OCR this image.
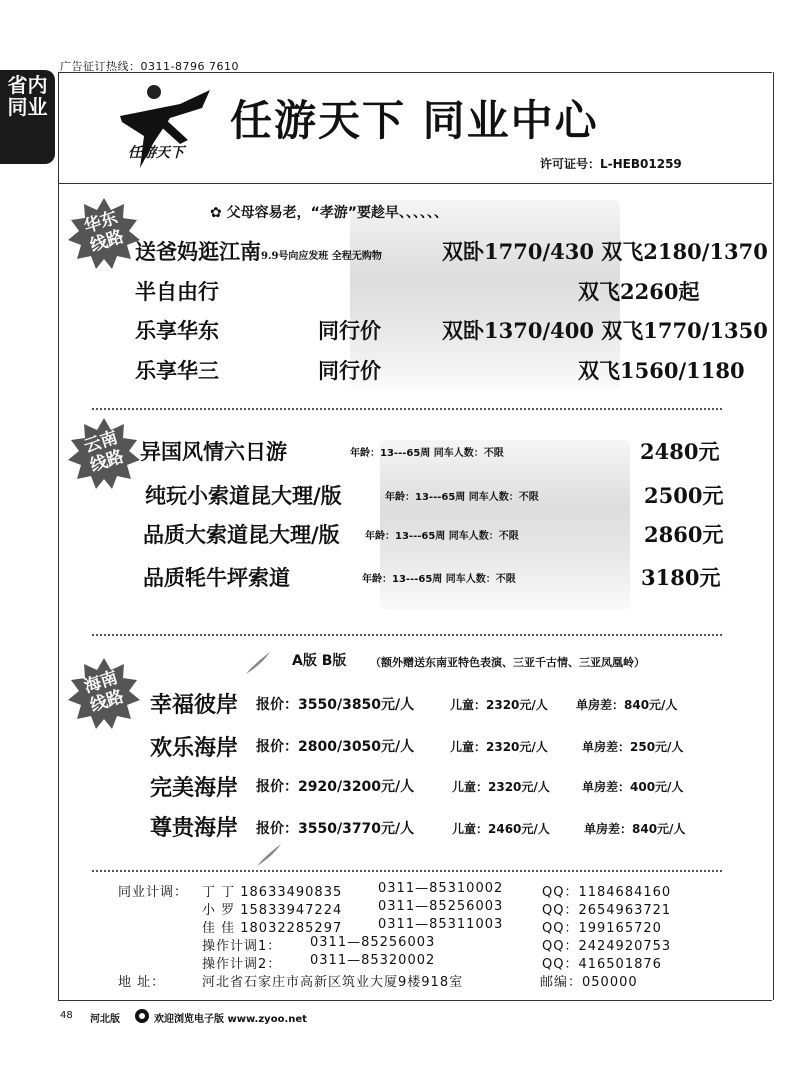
广告征订热线：0311-8796 7610
省内
同业
任游天下
任游天下 同业中心
许可证号：L-HEB01259
华东
线路
✿ 父母容易老，“孝游”要趁早、、、、、、
送爸妈逛江南9.9号向应发班 全程无购物	双卧1770/430 双飞2180/1370
半自由行	双飞2260起
乐享华东	同行价	双卧1370/400 双飞1770/1350
乐享华三	同行价	双飞1560/1180
云南
线路 异国风情六日游	年龄：13---65周 同车人数：不限	2480元
纯玩小索道昆大理/版	年龄：13---65周 同车人数：不限	2500元
品质大索道昆大理/版	年龄：13---65周 同车人数：不限	2860元
品质牦牛坪索道	年龄：13---65周 同车人数：不限	3180元
海南
线路
A版 B版 （额外赠送东南亚特色表演、三亚千古情、三亚凤凰岭）
幸福彼岸 报价：3550/3850元/人	儿童：2320元/人 单房差：840元/人
欢乐海岸 报价：2800/3050元/人	儿童：2320元/人	单房差：250元/人
完美海岸 报价：2920/3200元/人	儿童：2320元/人	单房差：400元/人
尊贵海岸 报价：3550/3770元/人	儿童：2460元/人	单房差：840元/人
同业计调： 丁 丁 18633490835	0311—85310002	QQ：1184684160
小 罗 15833947224	0311—85256003	QQ：2654963721
佳 佳 18032285297	0311—85311003	QQ：199165720
操作计调1： 0311—85256003	QQ：2424920753
操作计调2： 0311—85320002	QQ：416501876
地 址：	河北省石家庄市高新区筑业大厦9楼918室	邮编：050000
48 河北版	欢迎浏览电子版 www.zyoo.net
